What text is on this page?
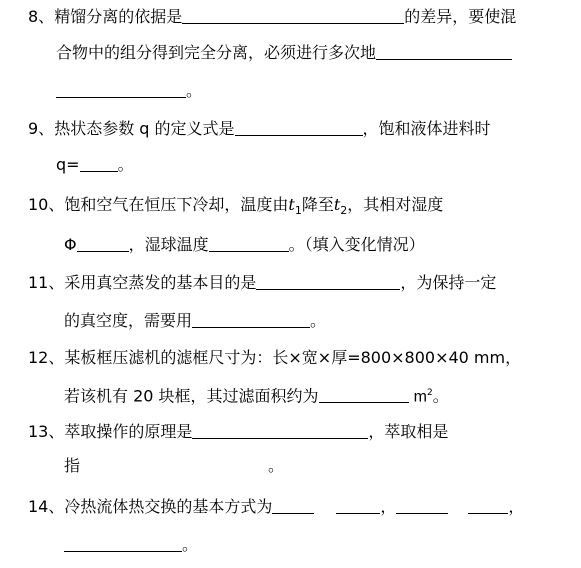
8、精馏分离的依据是	的差异，要使混
合物中的组分得到完全分离，必须进行多次地
。
9、热状态参数 q 的定义式是	，饱和液体进料时
q= 。
10、饱和空气在恒压下冷却，温度由$t_1$降至$t_2$，其相对湿度
Φ	，湿球温度	。（填入变化情况）
11、采用真空蒸发的基本目的是	，为保持一定
的真空度，需要用	。
12、某板框压滤机的滤框尺寸为：长×宽×厚=800×800×40 mm，
若该机有 20 块框，其过滤面积约为	$m^2$。
13、萃取操作的原理是	，萃取相是
指	。
14、冷热流体热交换的基本方式为	，	，
。
